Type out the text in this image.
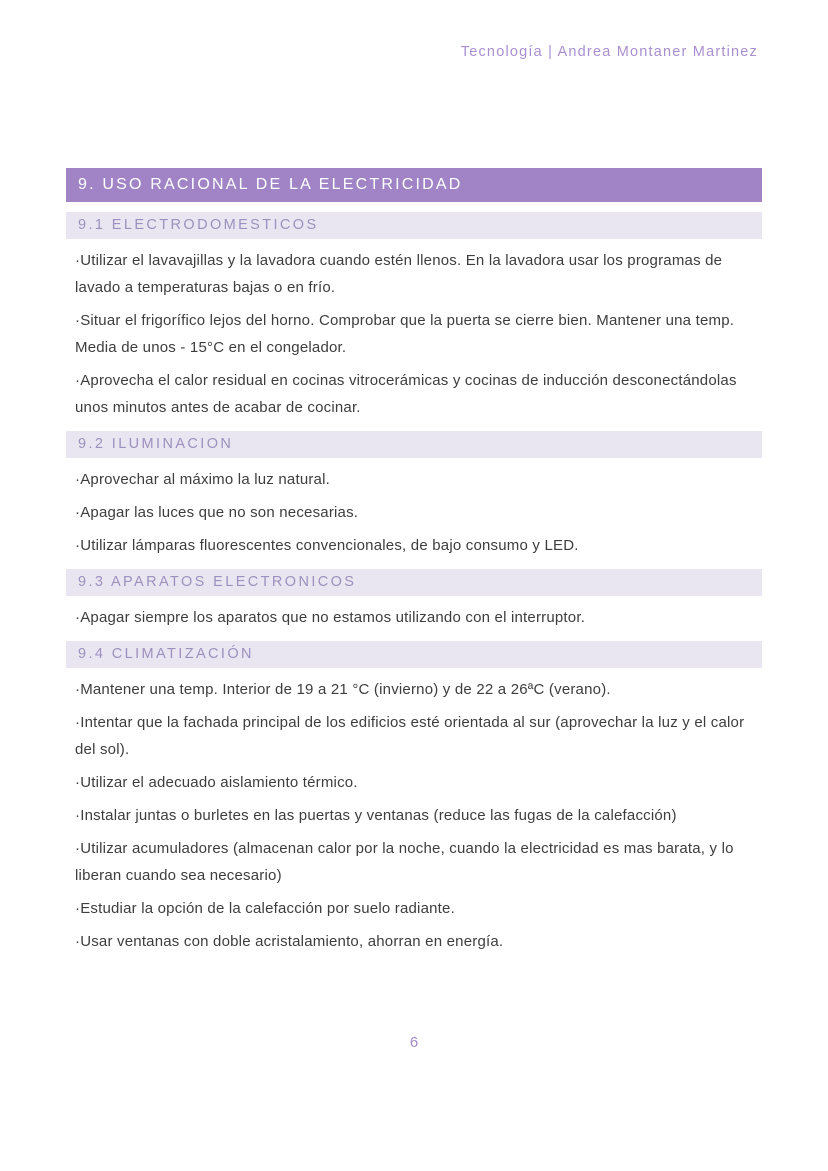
Tecnología | Andrea Montaner Martinez
9. USO RACIONAL DE LA ELECTRICIDAD
9.1 ELECTRODOMESTICOS

·Utilizar el lavavajillas y la lavadora cuando estén llenos. En la lavadora usar los programas de lavado a temperaturas bajas o en frío.

·Situar el frigorífico lejos del horno. Comprobar que la puerta se cierre bien. Mantener una temp. Media de unos - 15°C en el congelador.

·Aprovecha el calor residual en cocinas vitrocerámicas y cocinas de inducción desconectándolas unos minutos antes de acabar de cocinar.

9.2 ILUMINACION

·Aprovechar al máximo la luz natural.

·Apagar las luces que no son necesarias.

·Utilizar lámparas fluorescentes convencionales, de bajo consumo y LED.

9.3 APARATOS ELECTRONICOS

·Apagar siempre los aparatos que no estamos utilizando con el interruptor.

9.4 CLIMATIZACIÓN

·Mantener una temp. Interior de 19 a 21 °C (invierno) y de 22 a 26ªC (verano).

·Intentar que la fachada principal de los edificios esté orientada al sur (aprovechar la luz y el calor del sol).

·Utilizar el adecuado aislamiento térmico.

·Instalar juntas o burletes en las puertas y ventanas (reduce las fugas de la calefacción)

·Utilizar acumuladores (almacenan calor por la noche, cuando la electricidad es mas barata, y lo liberan cuando sea necesario)

·Estudiar la opción de la calefacción por suelo radiante.

·Usar ventanas con doble acristalamiento, ahorran en energía.

6
